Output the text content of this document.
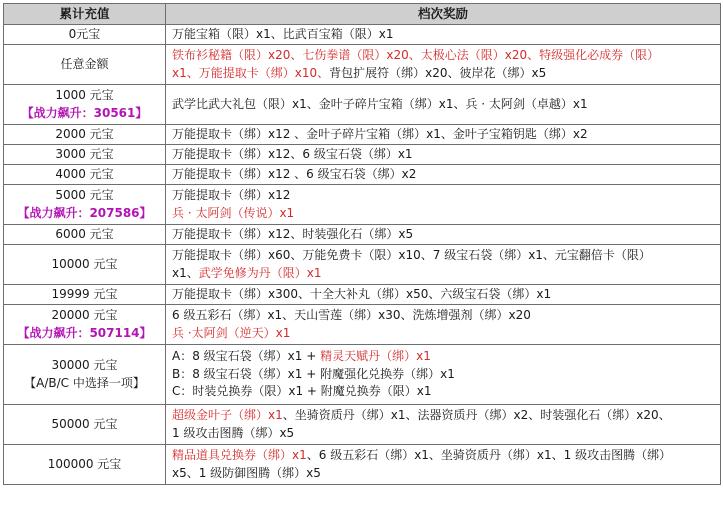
累计充值	档次奖励

0元宝	万能宝箱（限）x1、比武百宝箱（限）x1

任意金额	铁布衫秘籍（限）x20、七伤拳谱（限）x20、太极心法（限）x20、特级强化必成券（限）
x1、万能提取卡（绑）x10、背包扩展符（绑）x20、彼岸花（绑）x5

1000 元宝
【战力飙升：30561】	武学比武大礼包（限）x1、金叶子碎片宝箱（绑）x1、兵 · 太阿剑（卓越）x1

2000 元宝	万能提取卡（绑）x12 、金叶子碎片宝箱（绑）x1、金叶子宝箱钥匙（绑）x2

3000 元宝	万能提取卡（绑）x12、6 级宝石袋（绑）x1

4000 元宝	万能提取卡（绑）x12 、6 级宝石袋（绑）x2

5000 元宝
【战力飙升：207586】	万能提取卡（绑）x12
兵 · 太阿剑（传说）x1

6000 元宝	万能提取卡（绑）x12、时装强化石（绑）x5

10000 元宝	万能提取卡（绑）x60、万能免费卡（限）x10、7 级宝石袋（绑）x1、元宝翻倍卡（限）
x1、武学免修为丹（限）x1

19999 元宝	万能提取卡（绑）x300、十全大补丸（绑）x50、六级宝石袋（绑）x1

20000 元宝
【战力飙升：507114】	6 级五彩石（绑）x1、天山雪莲（绑）x30、洗炼增强剂（绑）x20
兵 ·太阿剑（逆天）x1

30000 元宝
【A/B/C 中选择一项】	A：8 级宝石袋（绑）x1 + 精灵天赋丹（绑）x1
B：8 级宝石袋（绑）x1 + 附魔强化兑换券（绑）x1
C：时装兑换券（限）x1 + 附魔兑换券（限）x1

50000 元宝	超级金叶子（绑）x1、坐骑资质丹（绑）x1、法器资质丹（绑）x2、时装强化石（绑）x20、
1 级攻击图腾（绑）x5

100000 元宝	精品道具兑换券（绑）x1、6 级五彩石（绑）x1、坐骑资质丹（绑）x1、1 级攻击图腾（绑）
x5、1 级防御图腾（绑）x5
